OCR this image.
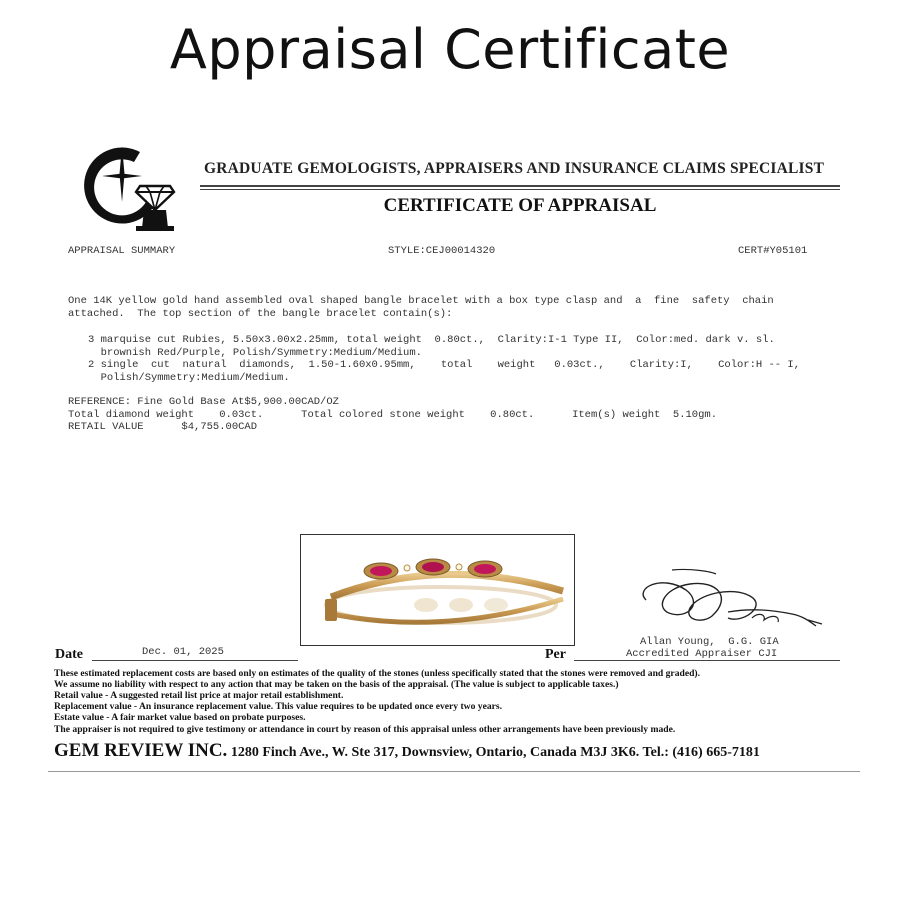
Appraisal Certificate
GRADUATE GEMOLOGISTS, APPRAISERS AND INSURANCE CLAIMS SPECIALIST
CERTIFICATE OF APPRAISAL
APPRAISAL SUMMARY	STYLE:CEJ00014320	CERT#Y05101
One 14K yellow gold hand assembled oval shaped bangle bracelet with a box type clasp and  a  fine  safety  chain
attached.  The top section of the bangle bracelet contain(s):
3 marquise cut Rubies, 5.50x3.00x2.25mm, total weight  0.80ct.,  Clarity:I-1 Type II,  Color:med. dark v. sl.
brownish Red/Purple, Polish/Symmetry:Medium/Medium.
2 single  cut  natural  diamonds,  1.50-1.60x0.95mm,    total    weight   0.03ct.,    Clarity:I,    Color:H -- I,
Polish/Symmetry:Medium/Medium.
REFERENCE: Fine Gold Base At$5,900.00CAD/OZ
Total diamond weight    0.03ct.      Total colored stone weight    0.80ct.      Item(s) weight  5.10gm.
RETAIL VALUE      $4,755.00CAD
Allan Young,  G.G. GIA
Accredited Appraiser CJI
Date	Dec. 01, 2025	Per
These estimated replacement costs are based only on estimates of the quality of the stones (unless specifically stated that the stones were removed and graded).
We assume no liability with respect to any action that may be taken on the basis of the appraisal. (The value is subject to applicable taxes.)
Retail value - A suggested retail list price at major retail establishment.
Replacement value - An insurance replacement value. This value requires to be updated once every two years.
Estate value - A fair market value based on probate purposes.
The appraiser is not required to give testimony or attendance in court by reason of this appraisal unless other arrangements have been previously made.
GEM REVIEW INC. 1280 Finch Ave., W. Ste 317, Downsview, Ontario, Canada M3J 3K6. Tel.: (416) 665-7181
